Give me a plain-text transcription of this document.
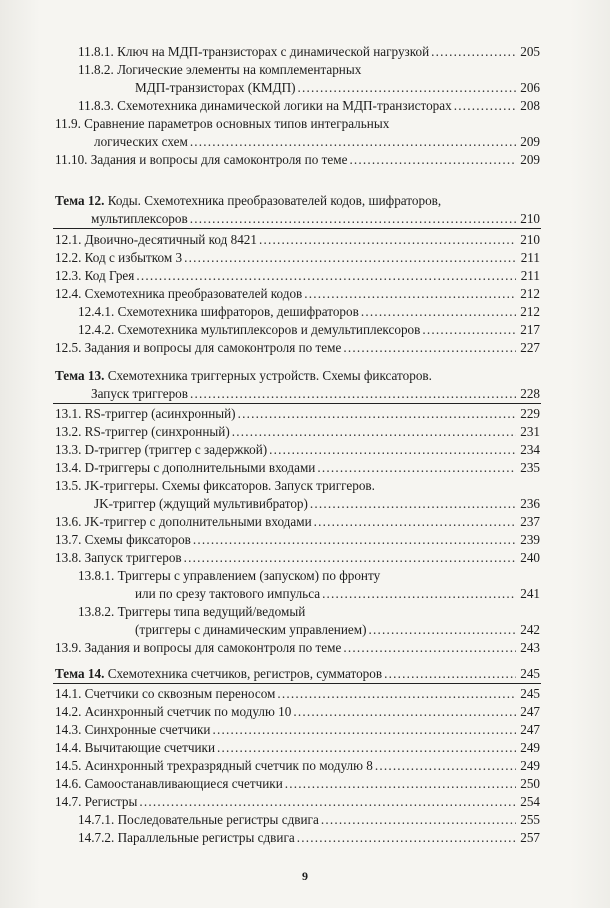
11.8.1. Ключ на МДП-транзисторах с динамической нагрузкой .....	205
11.8.2. Логические элементы на комплементарных
МДП-транзисторах (КМДП) .....	206
11.8.3. Схемотехника динамической логики на МДП-транзисторах .....	208
11.9. Сравнение параметров основных типов интегральных
логических схем .....	209
11.10. Задания и вопросы для самоконтроля по теме .....	209
Тема 12. Коды. Схемотехника преобразователей кодов, шифраторов,
мультиплексоров .....	210
12.1. Двоично-десятичный код 8421 .....	210
12.2. Код с избытком 3 .....	211
12.3. Код Грея .....	211
12.4. Схемотехника преобразователей кодов .....	212
12.4.1. Схемотехника шифраторов, дешифраторов .....	212
12.4.2. Схемотехника мультиплексоров и демультиплексоров .....	217
12.5. Задания и вопросы для самоконтроля по теме .....	227
Тема 13. Схемотехника триггерных устройств. Схемы фиксаторов.
Запуск триггеров .....	228
13.1. RS-триггер (асинхронный) .....	229
13.2. RS-триггер (синхронный) .....	231
13.3. D-триггер (триггер с задержкой) .....	234
13.4. D-триггеры с дополнительными входами .....	235
13.5. JK-триггеры. Схемы фиксаторов. Запуск триггеров.
JK-триггер (ждущий мультивибратор) .....	236
13.6. JK-триггер с дополнительными входами .....	237
13.7. Схемы фиксаторов .....	239
13.8. Запуск триггеров .....	240
13.8.1. Триггеры с управлением (запуском) по фронту
или по срезу тактового импульса .....	241
13.8.2. Триггеры типа ведущий/ведомый
(триггеры с динамическим управлением) .....	242
13.9. Задания и вопросы для самоконтроля по теме .....	243
Тема 14. Схемотехника счетчиков, регистров, сумматоров .....	245
14.1. Счетчики со сквозным переносом .....	245
14.2. Асинхронный счетчик по модулю 10 .....	247
14.3. Синхронные счетчики .....	247
14.4. Вычитающие счетчики .....	249
14.5. Асинхронный трехразрядный счетчик по модулю 8 .....	249
14.6. Самоостанавливающиеся счетчики .....	250
14.7. Регистры .....	254
14.7.1. Последовательные регистры сдвига .....	255
14.7.2. Параллельные регистры сдвига .....	257
9
